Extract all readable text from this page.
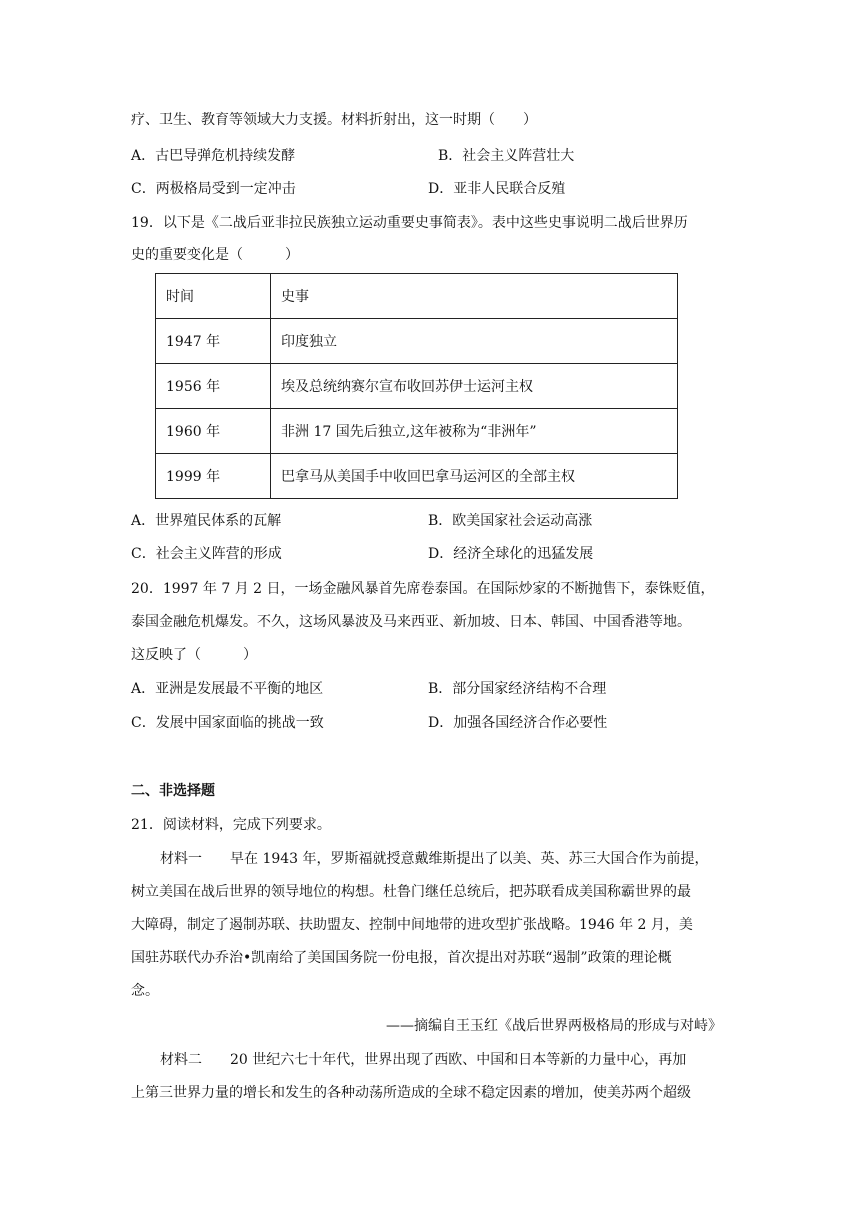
疗、卫生、教育等领域大力支援。材料折射出，这一时期（　　）
A．古巴导弹危机持续发酵	B．社会主义阵营壮大
C．两极格局受到一定冲击	D．亚非人民联合反殖
19．以下是《二战后亚非拉民族独立运动重要史事简表》。表中这些史事说明二战后世界历
史的重要变化是（　　　）
时间	史事
1947 年	印度独立
1956 年	埃及总统纳赛尔宣布收回苏伊士运河主权
1960 年	非洲 17 国先后独立,这年被称为“非洲年”
1999 年	巴拿马从美国手中收回巴拿马运河区的全部主权
A．世界殖民体系的瓦解	B．欧美国家社会运动高涨
C．社会主义阵营的形成	D．经济全球化的迅猛发展
20．1997 年 7 月 2 日，一场金融风暴首先席卷泰国。在国际炒家的不断抛售下，泰铢贬值，
泰国金融危机爆发。不久，这场风暴波及马来西亚、新加坡、日本、韩国、中国香港等地。
这反映了（　　　）
A．亚洲是发展最不平衡的地区	B．部分国家经济结构不合理
C．发展中国家面临的挑战一致	D．加强各国经济合作必要性
二、非选择题
21．阅读材料，完成下列要求。
材料一　　早在 1943 年，罗斯福就授意戴维斯提出了以美、英、苏三大国合作为前提，
树立美国在战后世界的领导地位的构想。杜鲁门继任总统后，把苏联看成美国称霸世界的最
大障碍，制定了遏制苏联、扶助盟友、控制中间地带的进攻型扩张战略。1946 年 2 月，美
国驻苏联代办乔治•凯南给了美国国务院一份电报，首次提出对苏联“遏制”政策的理论概
念。
——摘编自王玉红《战后世界两极格局的形成与对峙》
材料二　　20 世纪六七十年代，世界出现了西欧、中国和日本等新的力量中心，再加
上第三世界力量的增长和发生的各种动荡所造成的全球不稳定因素的增加，使美苏两个超级
